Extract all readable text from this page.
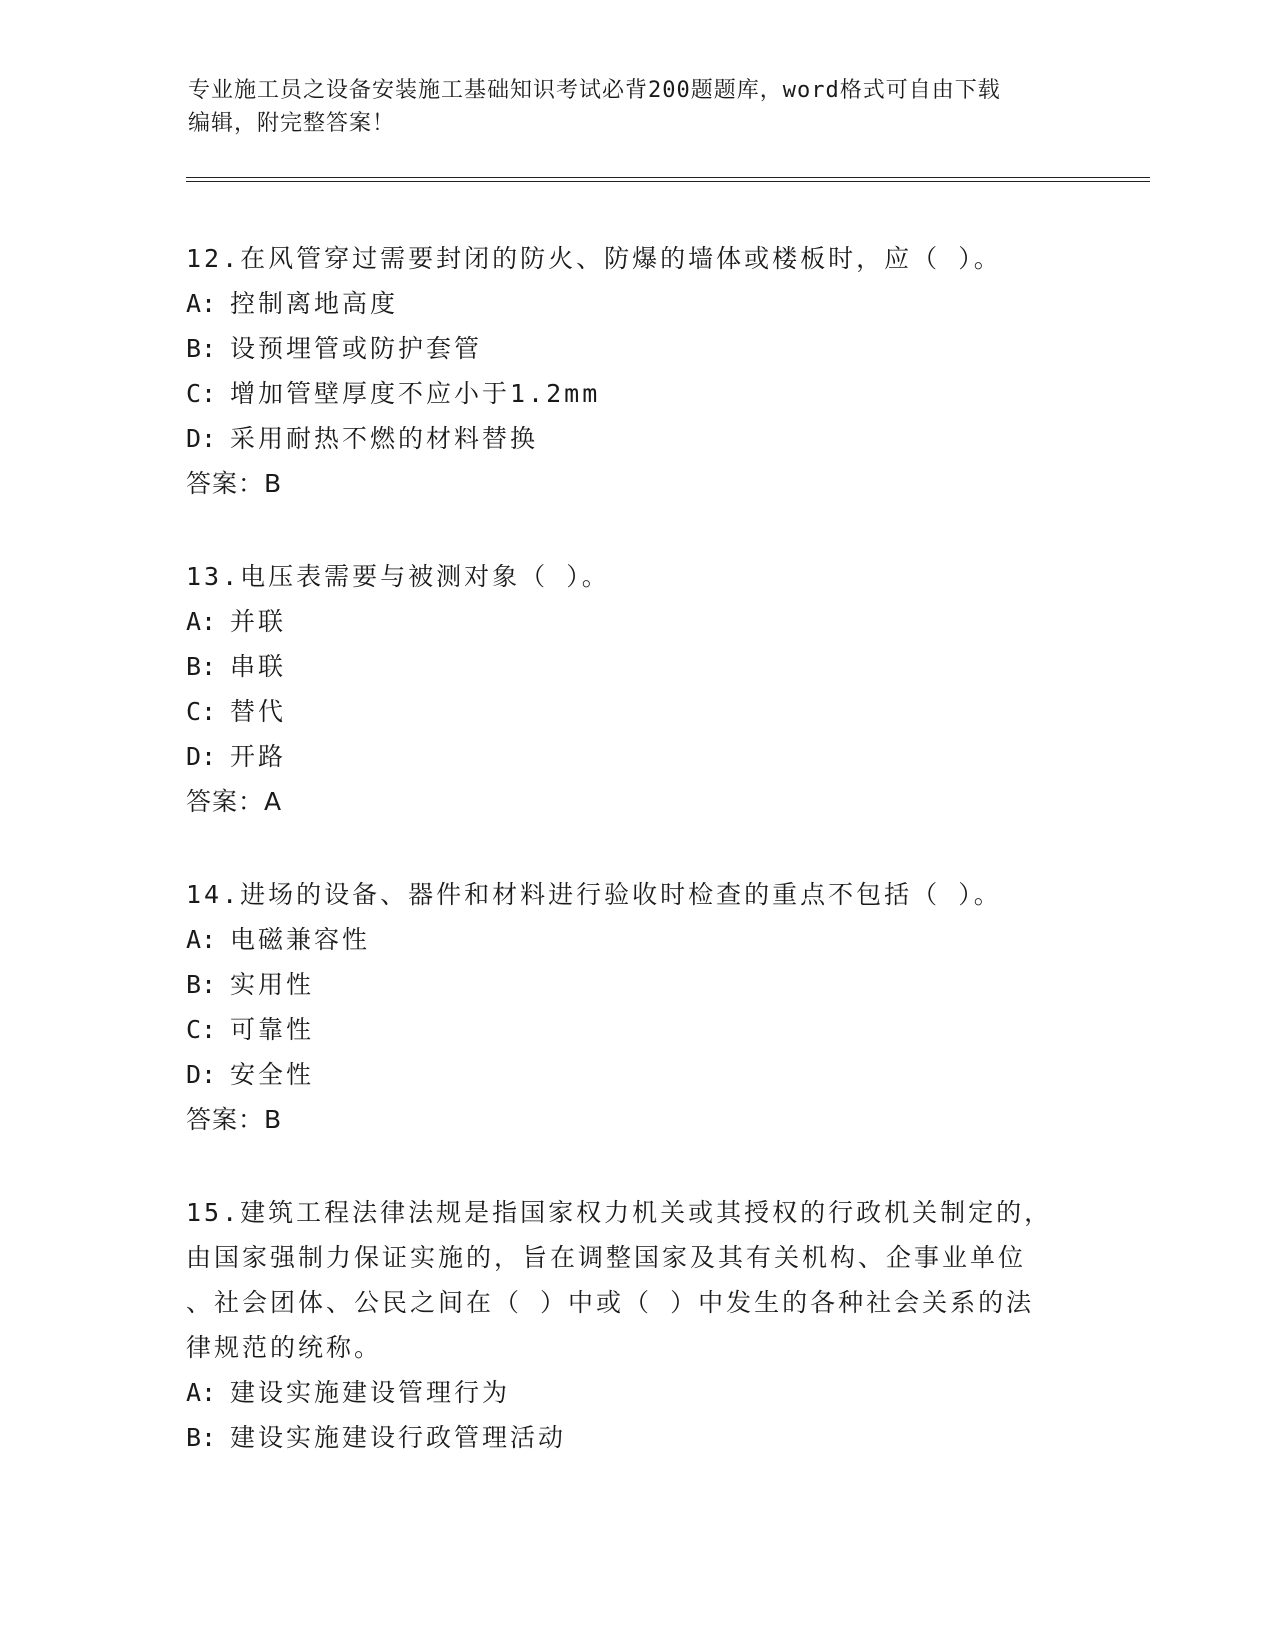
专业施工员之设备安装施工基础知识考试必背200题题库，word格式可自由下载
编辑，附完整答案！

12.在风管穿过需要封闭的防火、防爆的墙体或楼板时，应（ ）。

A: 控制离地高度

B: 设预埋管或防护套管

C: 增加管壁厚度不应小于1.2mm

D: 采用耐热不燃的材料替换

答案：B

13.电压表需要与被测对象（ ）。

A: 并联

B: 串联

C: 替代

D: 开路

答案：A

14.进场的设备、器件和材料进行验收时检查的重点不包括（ ）。

A: 电磁兼容性

B: 实用性

C: 可靠性

D: 安全性

答案：B

15.建筑工程法律法规是指国家权力机关或其授权的行政机关制定的，

由国家强制力保证实施的，旨在调整国家及其有关机构、企事业单位

、社会团体、公民之间在（ ）中或（ ）中发生的各种社会关系的法

律规范的统称。

A: 建设实施建设管理行为

B: 建设实施建设行政管理活动
